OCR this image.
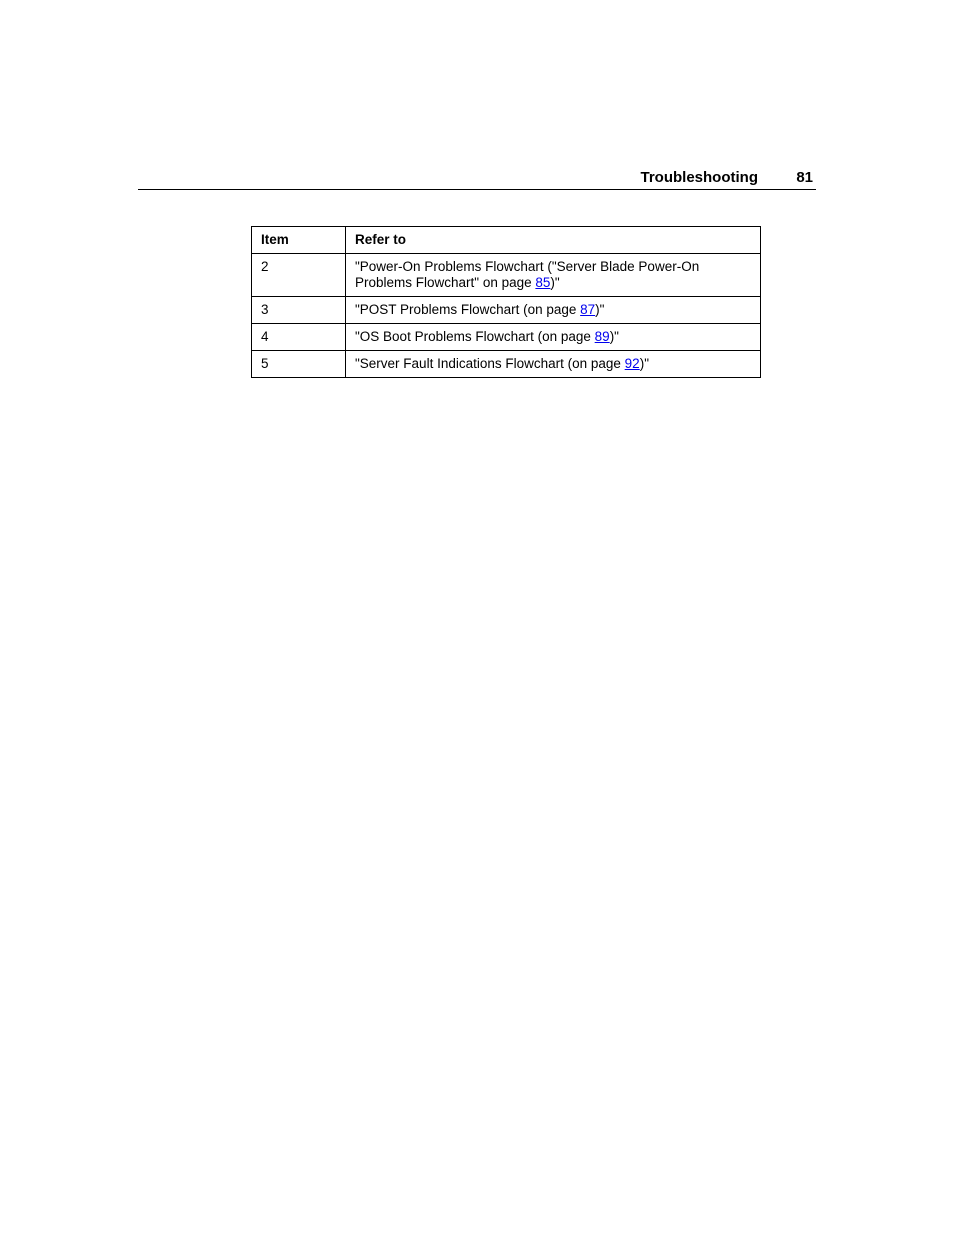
Troubleshooting	81
Item	Refer to
2	"Power-On Problems Flowchart ("Server Blade Power-On Problems Flowchart" on page 85)"
3	"POST Problems Flowchart (on page 87)"
4	"OS Boot Problems Flowchart (on page 89)"
5	"Server Fault Indications Flowchart (on page 92)"
